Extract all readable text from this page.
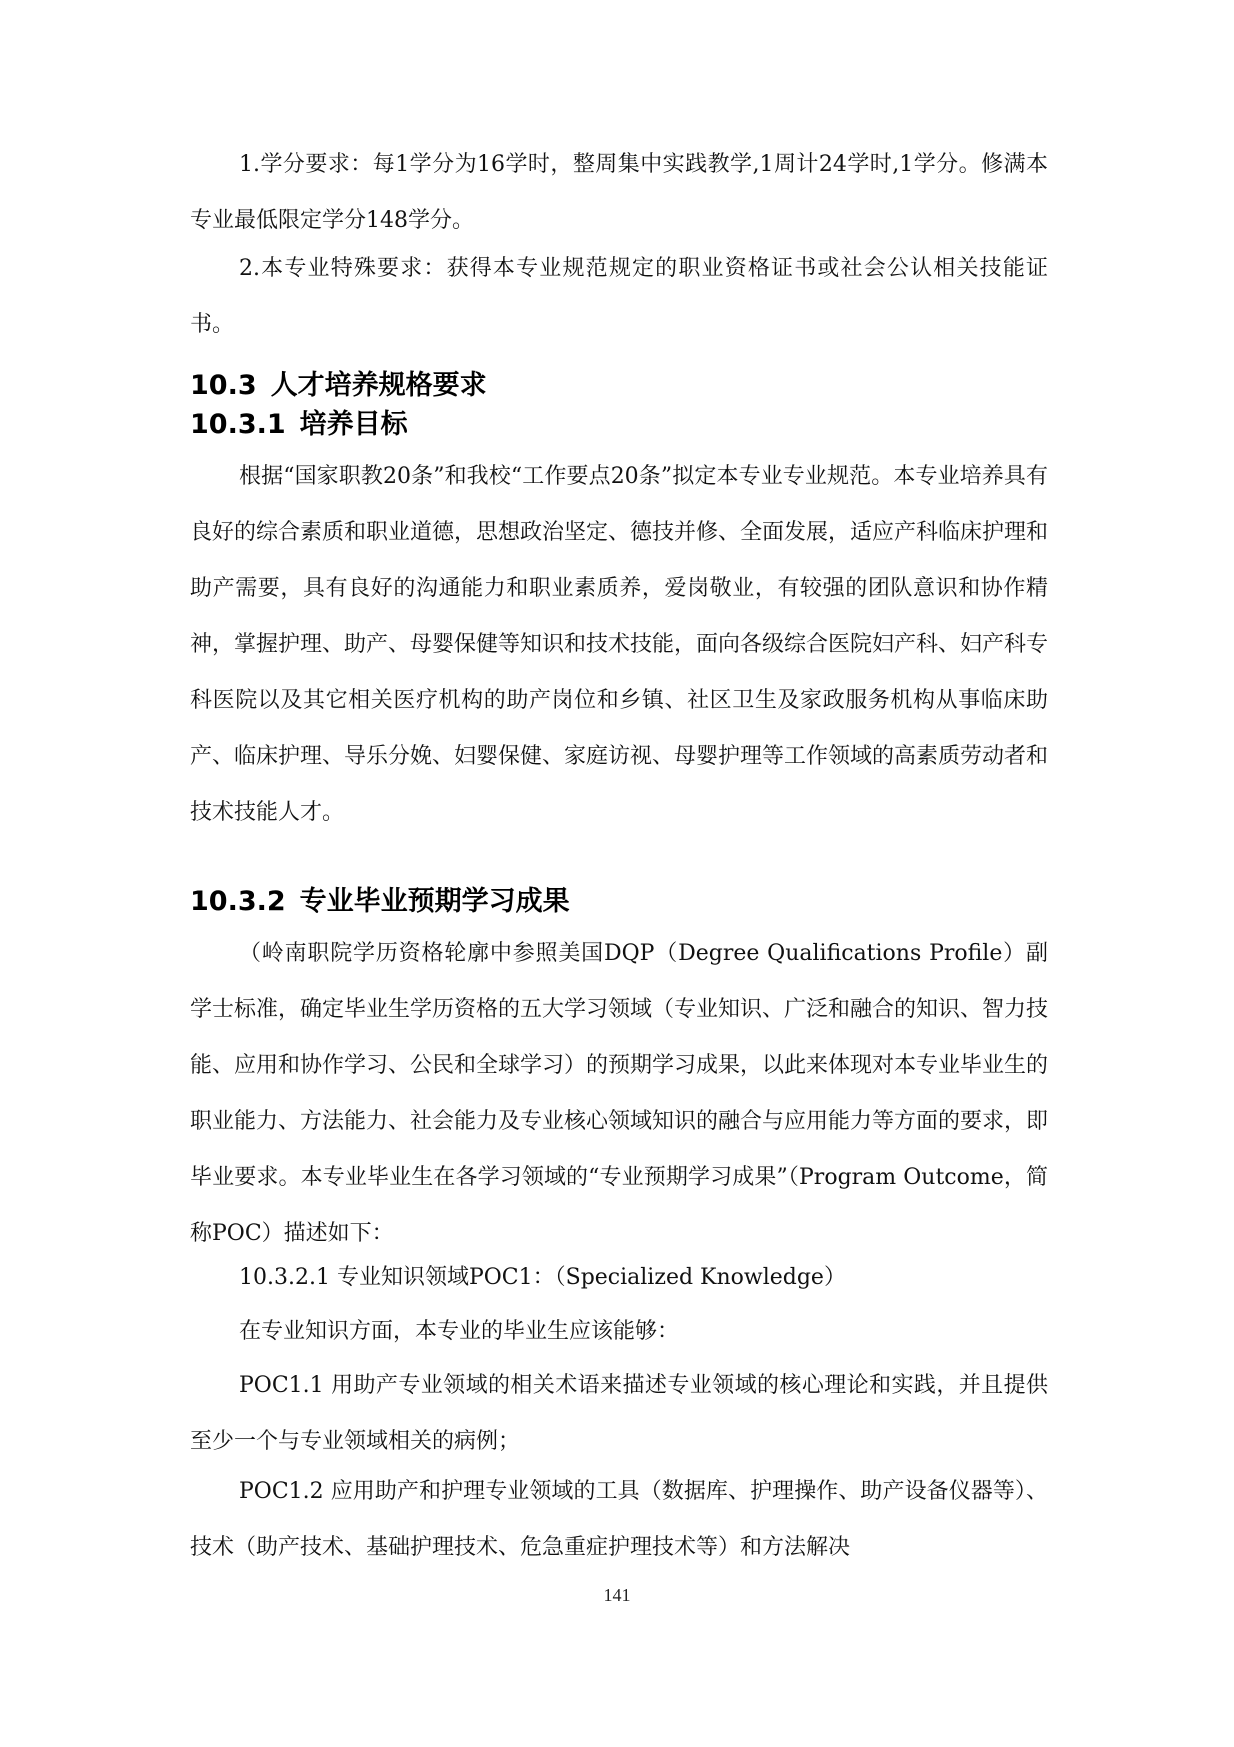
1.学分要求：每1学分为16学时，整周集中实践教学,1周计24学时,1学分。修满本专业最低限定学分148学分。

2.本专业特殊要求：获得本专业规范规定的职业资格证书或社会公认相关技能证书。

10.3 人才培养规格要求
10.3.1 培养目标

根据“国家职教20条”和我校“工作要点20条”拟定本专业专业规范。本专业培养具有良好的综合素质和职业道德，思想政治坚定、德技并修、全面发展，适应产科临床护理和助产需要，具有良好的沟通能力和职业素质养，爱岗敬业，有较强的团队意识和协作精神，掌握护理、助产、母婴保健等知识和技术技能，面向各级综合医院妇产科、妇产科专科医院以及其它相关医疗机构的助产岗位和乡镇、社区卫生及家政服务机构从事临床助产、临床护理、导乐分娩、妇婴保健、家庭访视、母婴护理等工作领域的高素质劳动者和技术技能人才。

10.3.2 专业毕业预期学习成果

（岭南职院学历资格轮廓中参照美国DQP（Degree Qualifications Profile）副学士标准，确定毕业生学历资格的五大学习领域（专业知识、广泛和融合的知识、智力技能、应用和协作学习、公民和全球学习）的预期学习成果，以此来体现对本专业毕业生的职业能力、方法能力、社会能力及专业核心领域知识的融合与应用能力等方面的要求，即毕业要求。本专业毕业生在各学习领域的“专业预期学习成果”（Program Outcome，简称POC）描述如下：

10.3.2.1 专业知识领域POC1：（Specialized Knowledge）

在专业知识方面，本专业的毕业生应该能够：

POC1.1 用助产专业领域的相关术语来描述专业领域的核心理论和实践，并且提供至少一个与专业领域相关的病例；

POC1.2 应用助产和护理专业领域的工具（数据库、护理操作、助产设备仪器等）、技术（助产技术、基础护理技术、危急重症护理技术等）和方法解决

141
